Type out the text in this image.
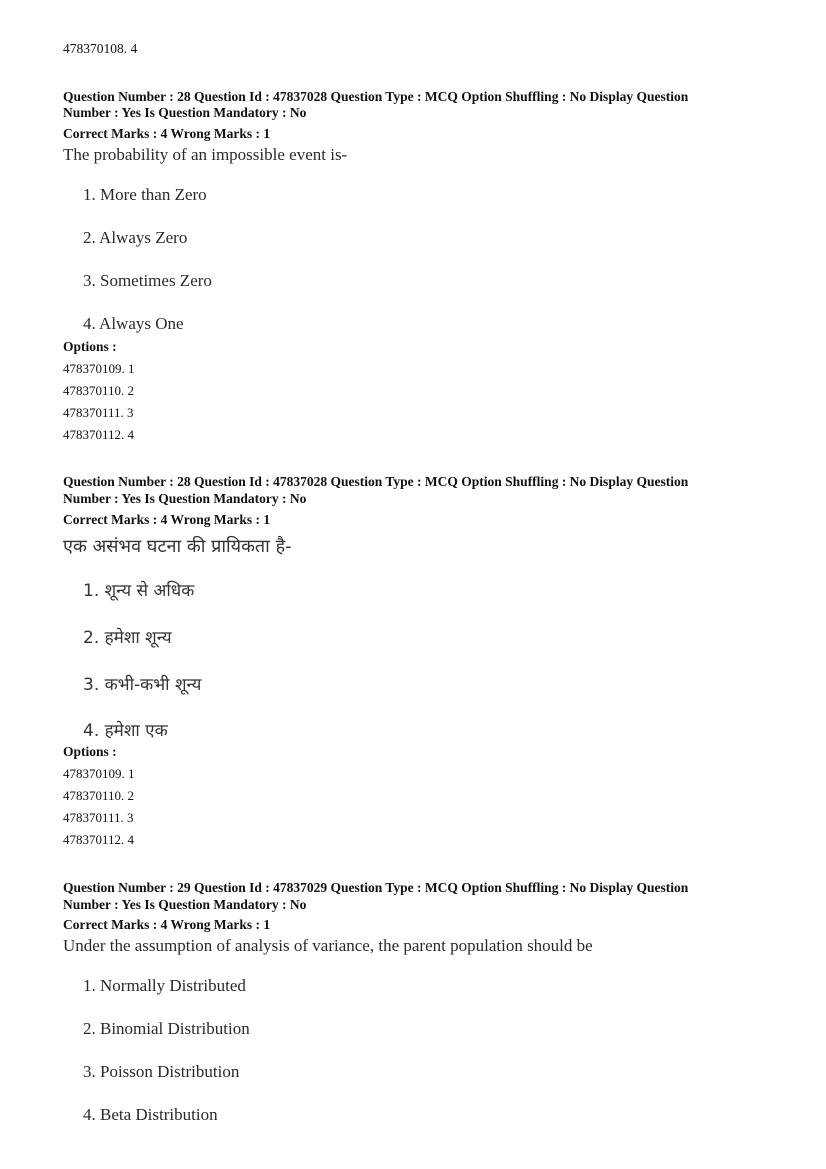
478370108. 4
Question Number : 28 Question Id : 47837028 Question Type : MCQ Option Shuffling : No Display Question
Number : Yes Is Question Mandatory : No
Correct Marks : 4 Wrong Marks : 1
The probability of an impossible event is-
1. More than Zero
2. Always Zero
3. Sometimes Zero
4. Always One
Options :
478370109. 1
478370110. 2
478370111. 3
478370112. 4
Question Number : 28 Question Id : 47837028 Question Type : MCQ Option Shuffling : No Display Question
Number : Yes Is Question Mandatory : No
Correct Marks : 4 Wrong Marks : 1
एक असंभव घटना की प्रायिकता है-
1. शून्य से अधिक
2. हमेशा शून्य
3. कभी-कभी शून्य
4. हमेशा एक
Options :
478370109. 1
478370110. 2
478370111. 3
478370112. 4
Question Number : 29 Question Id : 47837029 Question Type : MCQ Option Shuffling : No Display Question
Number : Yes Is Question Mandatory : No
Correct Marks : 4 Wrong Marks : 1
Under the assumption of analysis of variance, the parent population should be
1. Normally Distributed
2. Binomial Distribution
3. Poisson Distribution
4. Beta Distribution
